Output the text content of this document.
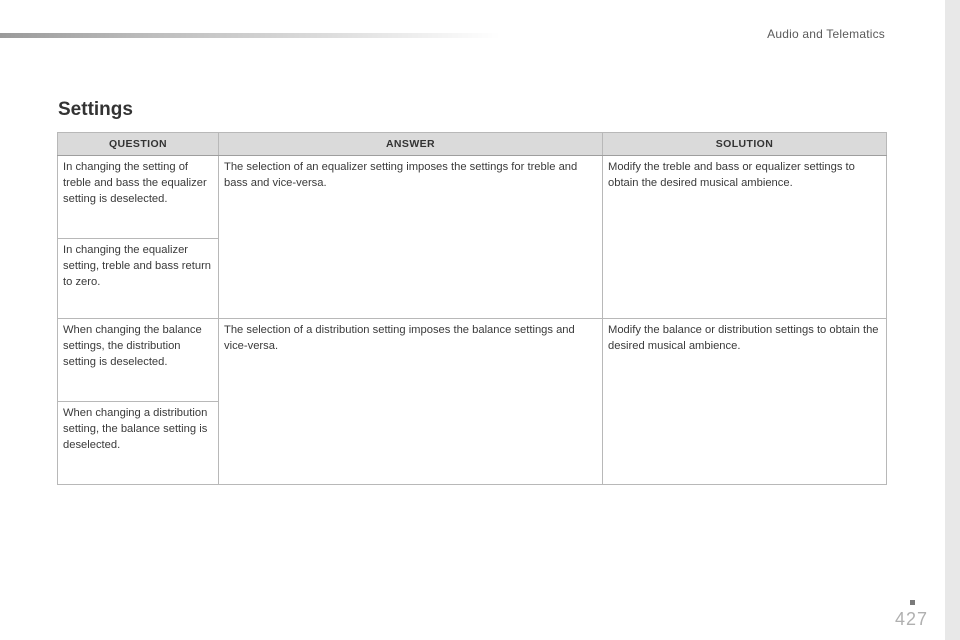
Audio and Telematics
Settings
QUESTION	ANSWER	SOLUTION
In changing the setting of treble and bass the equalizer setting is deselected.	The selection of an equalizer setting imposes the settings for treble and bass and vice-versa.	Modify the treble and bass or equalizer settings to obtain the desired musical ambience.
In changing the equalizer setting, treble and bass return to zero.		
When changing the balance settings, the distribution setting is deselected.	The selection of a distribution setting imposes the balance settings and vice-versa.	Modify the balance or distribution settings to obtain the desired musical ambience.
When changing a distribution setting, the balance setting is deselected.		
427
